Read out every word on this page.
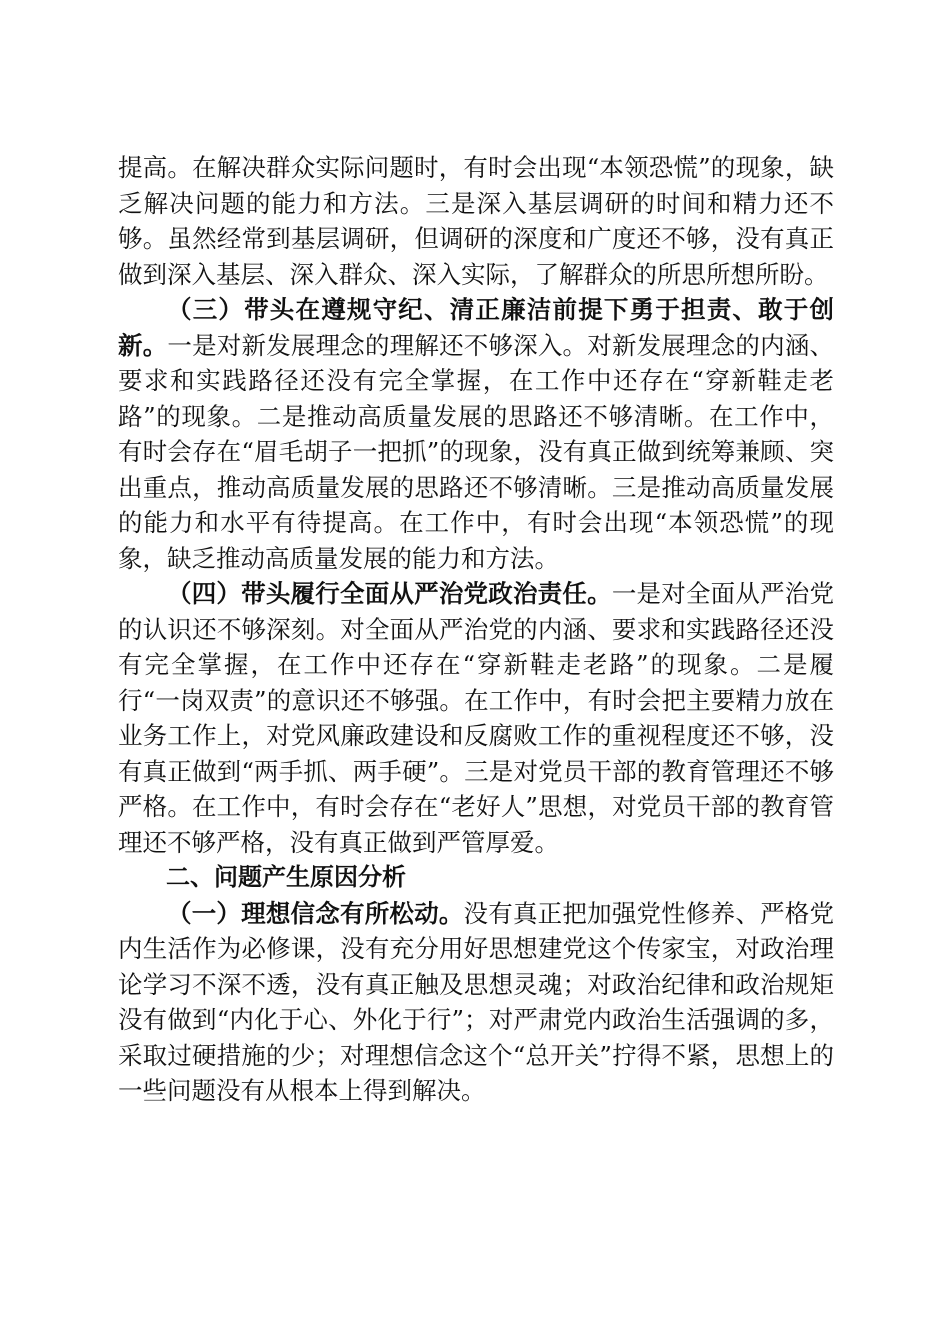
提高。在解决群众实际问题时，有时会出现“本领恐慌”的现象，缺乏解决问题的能力和方法。三是深入基层调研的时间和精力还不够。虽然经常到基层调研，但调研的深度和广度还不够，没有真正做到深入基层、深入群众、深入实际，了解群众的所思所想所盼。

（三）带头在遵规守纪、清正廉洁前提下勇于担责、敢于创新。一是对新发展理念的理解还不够深入。对新发展理念的内涵、要求和实践路径还没有完全掌握，在工作中还存在“穿新鞋走老路”的现象。二是推动高质量发展的思路还不够清晰。在工作中，有时会存在“眉毛胡子一把抓”的现象，没有真正做到统筹兼顾、突出重点，推动高质量发展的思路还不够清晰。三是推动高质量发展的能力和水平有待提高。在工作中，有时会出现“本领恐慌”的现象，缺乏推动高质量发展的能力和方法。

（四）带头履行全面从严治党政治责任。一是对全面从严治党的认识还不够深刻。对全面从严治党的内涵、要求和实践路径还没有完全掌握，在工作中还存在“穿新鞋走老路”的现象。二是履行“一岗双责”的意识还不够强。在工作中，有时会把主要精力放在业务工作上，对党风廉政建设和反腐败工作的重视程度还不够，没有真正做到“两手抓、两手硬”。三是对党员干部的教育管理还不够严格。在工作中，有时会存在“老好人”思想，对党员干部的教育管理还不够严格，没有真正做到严管厚爱。

二、问题产生原因分析

（一）理想信念有所松动。没有真正把加强党性修养、严格党内生活作为必修课，没有充分用好思想建党这个传家宝，对政治理论学习不深不透，没有真正触及思想灵魂；对政治纪律和政治规矩没有做到“内化于心、外化于行”；对严肃党内政治生活强调的多，采取过硬措施的少；对理想信念这个“总开关”拧得不紧，思想上的一些问题没有从根本上得到解决。
